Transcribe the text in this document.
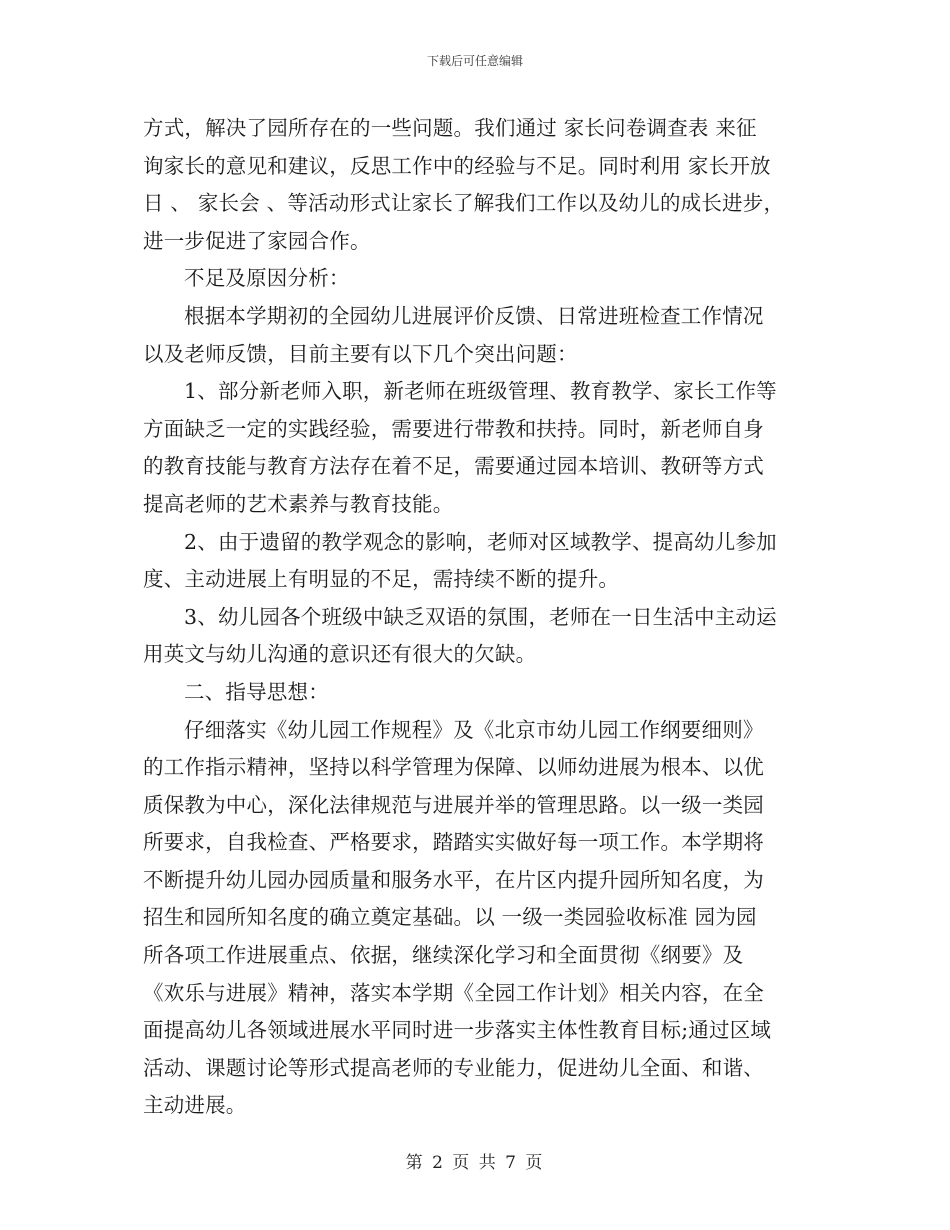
下载后可任意编辑
方式，解决了园所存在的一些问题。我们通过 家长问卷调查表 来征
询家长的意见和建议，反思工作中的经验与不足。同时利用 家长开放
日 、 家长会 、等活动形式让家长了解我们工作以及幼儿的成长进步，
进一步促进了家园合作。
不足及原因分析：
根据本学期初的全园幼儿进展评价反馈、日常进班检查工作情况
以及老师反馈，目前主要有以下几个突出问题：
1、部分新老师入职，新老师在班级管理、教育教学、家长工作等
方面缺乏一定的实践经验，需要进行带教和扶持。同时，新老师自身
的教育技能与教育方法存在着不足，需要通过园本培训、教研等方式
提高老师的艺术素养与教育技能。
2、由于遗留的教学观念的影响，老师对区域教学、提高幼儿参加
度、主动进展上有明显的不足，需持续不断的提升。
3、幼儿园各个班级中缺乏双语的氛围，老师在一日生活中主动运
用英文与幼儿沟通的意识还有很大的欠缺。
二、指导思想：
仔细落实《幼儿园工作规程》及《北京市幼儿园工作纲要细则》
的工作指示精神，坚持以科学管理为保障、以师幼进展为根本、以优
质保教为中心，深化法律规范与进展并举的管理思路。以一级一类园
所要求，自我检查、严格要求，踏踏实实做好每一项工作。本学期将
不断提升幼儿园办园质量和服务水平，在片区内提升园所知名度，为
招生和园所知名度的确立奠定基础。以 一级一类园验收标准 园为园
所各项工作进展重点、依据，继续深化学习和全面贯彻《纲要》及
《欢乐与进展》精神，落实本学期《全园工作计划》相关内容，在全
面提高幼儿各领域进展水平同时进一步落实主体性教育目标;通过区域
活动、课题讨论等形式提高老师的专业能力，促进幼儿全面、和谐、
主动进展。
第 2 页 共 7 页
